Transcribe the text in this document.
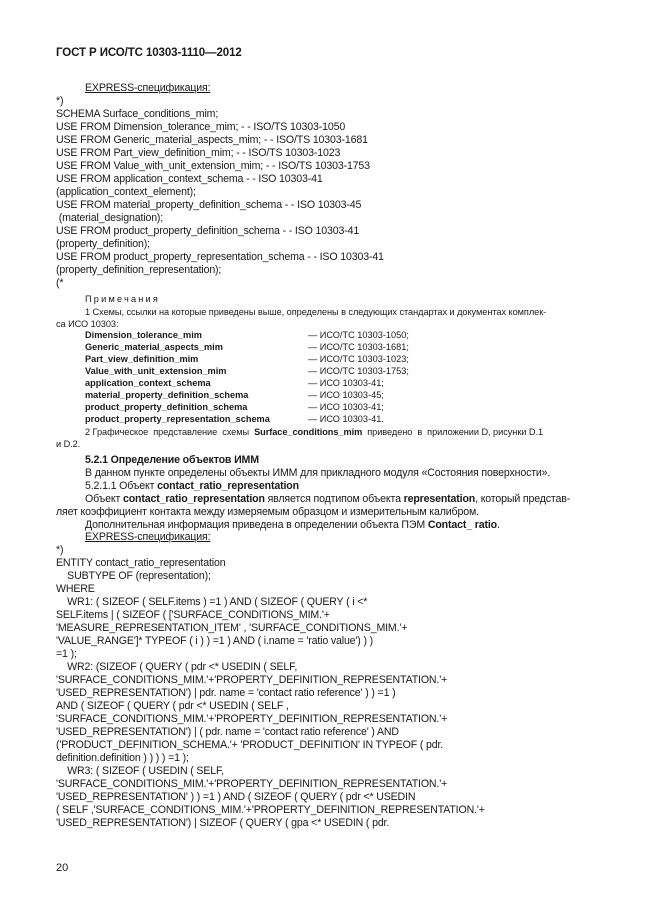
ГОСТ Р ИСО/ТС 10303-1110—2012
EXPRESS-спецификация:
*)
SCHEMA Surface_conditions_mim;
USE FROM Dimension_tolerance_mim; - - ISO/TS 10303-1050
USE FROM Generic_material_aspects_mim; - - ISO/TS 10303-1681
USE FROM Part_view_definition_mim; - - ISO/TS 10303-1023
USE FROM Value_with_unit_extension_mim; - - ISO/TS 10303-1753
USE FROM application_context_schema - - ISO 10303-41
(application_context_element);
USE FROM material_property_definition_schema - - ISO 10303-45
(material_designation);
USE FROM product_property_definition_schema - - ISO 10303-41
(property_definition);
USE FROM product_property_representation_schema - - ISO 10303-41
(property_definition_representation);
(*
Примечания
1 Схемы, ссылки на которые приведены выше, определены в следующих стандартах и документах комплек-
са ИСО 10303:
Dimension_tolerance_mim	— ИСО/ТС 10303-1050;
Generic_material_aspects_mim	— ИСО/ТС 10303-1681;
Part_view_definition_mim	— ИСО/ТС 10303-1023;
Value_with_unit_extension_mim	— ИСО/ТС 10303-1753;
application_context_schema	— ИСО 10303-41;
material_property_definition_schema	— ИСО 10303-45;
product_property_definition_schema	— ИСО 10303-41;
product_property_representation_schema	— ИСО 10303-41.
2 Графическое  представление  схемы  Surface_conditions_mim  приведено  в  приложении D, рисунки D.1
и D.2.
5.2.1 Определение объектов ИММ
В данном пункте определены объекты ИММ для прикладного модуля «Состояния поверхности».
5.2.1.1 Объект contact_ratio_representation
Объект contact_ratio_representation является подтипом объекта representation, который представ-
ляет коэффициент контакта между измеряемым образцом и измерительным калибром.
Дополнительная информация приведена в определении объекта ПЭМ Contact_ ratio.
EXPRESS-спецификация:
*)
ENTITY contact_ratio_representation
SUBTYPE OF (representation);
WHERE
WR1: ( SIZEOF ( SELF.items ) =1 ) AND ( SIZEOF ( QUERY ( i <*
SELF.items | ( SIZEOF ( ['SURFACE_CONDITIONS_MIM.'+
'MEASURE_REPRESENTATION_ITEM' , 'SURFACE_CONDITIONS_MIM.'+
'VALUE_RANGE']* TYPEOF ( i ) ) =1 ) AND ( i.name = 'ratio value') ) )
=1 );
WR2: (SIZEOF ( QUERY ( pdr <* USEDIN ( SELF,
'SURFACE_CONDITIONS_MIM.'+'PROPERTY_DEFINITION_REPRESENTATION.'+
'USED_REPRESENTATION') | pdr. name = 'contact ratio reference' ) ) =1 )
AND ( SIZEOF ( QUERY ( pdr <* USEDIN ( SELF ,
'SURFACE_CONDITIONS_MIM.'+'PROPERTY_DEFINITION_REPRESENTATION.'+
'USED_REPRESENTATION') | ( pdr. name = 'contact ratio reference' ) AND
('PRODUCT_DEFINITION_SCHEMA.'+ 'PRODUCT_DEFINITION' IN TYPEOF ( pdr.
definition.definition ) ) ) ) =1 );
WR3: ( SIZEOF ( USEDIN ( SELF,
'SURFACE_CONDITIONS_MIM.'+'PROPERTY_DEFINITION_REPRESENTATION.'+
'USED_REPRESENTATION' ) ) =1 ) AND ( SIZEOF ( QUERY ( pdr <* USEDIN
( SELF ,'SURFACE_CONDITIONS_MIM.'+'PROPERTY_DEFINITION_REPRESENTATION.'+
'USED_REPRESENTATION') | SIZEOF ( QUERY ( gpa <* USEDIN ( pdr.
20
